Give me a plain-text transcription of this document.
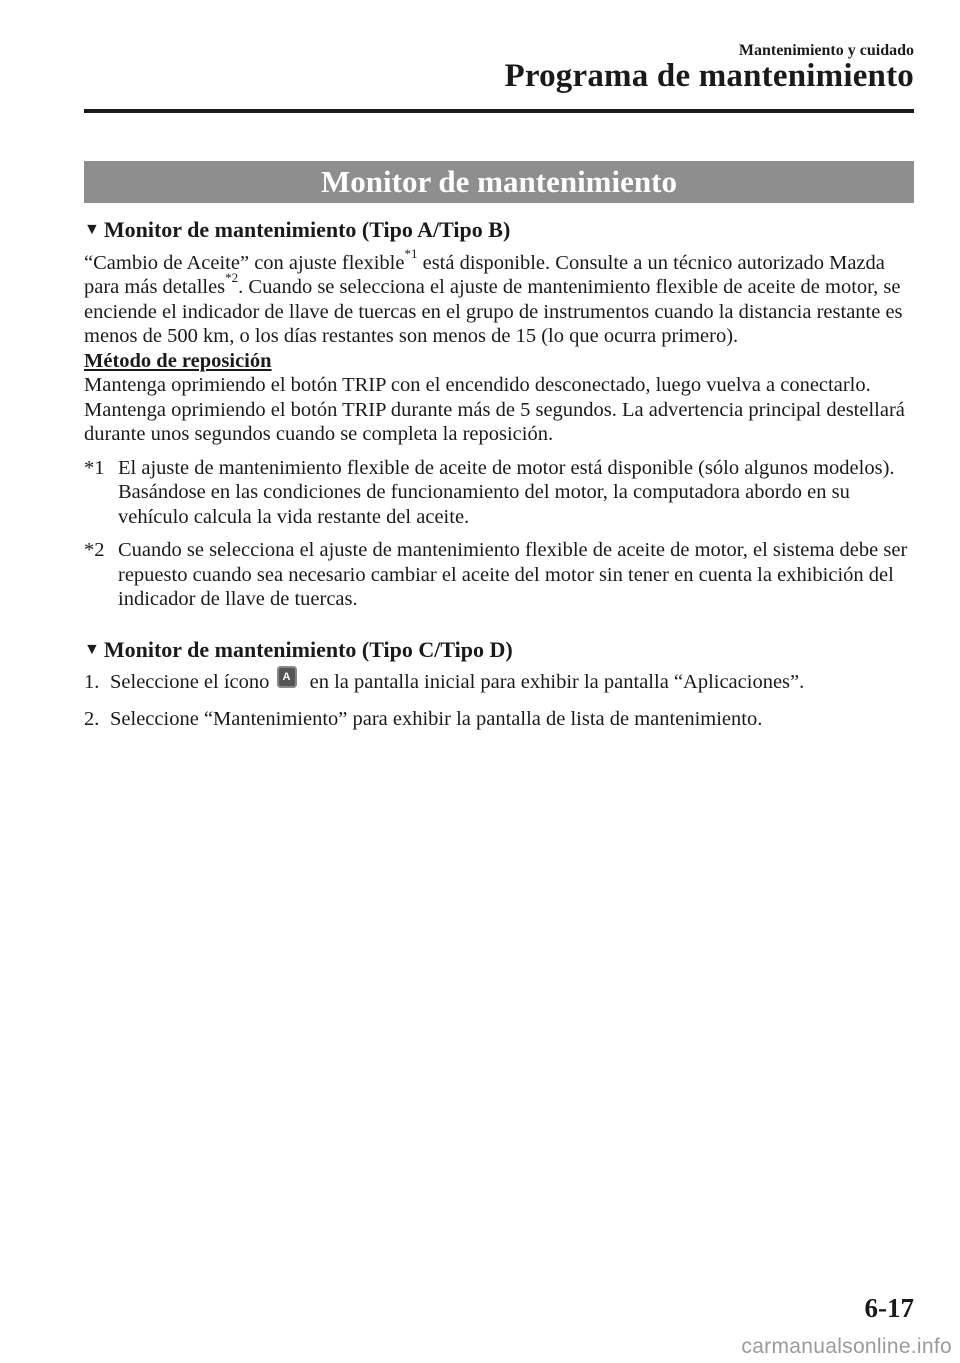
Mantenimiento y cuidado
Programa de mantenimiento
Monitor de mantenimiento
▼ Monitor de mantenimiento (Tipo A/Tipo B)

“Cambio de Aceite” con ajuste flexible$^{*1}$ está disponible. Consulte a un técnico autorizado Mazda para más detalles$^{*2}$. Cuando se selecciona el ajuste de mantenimiento flexible de aceite de motor, se enciende el indicador de llave de tuercas en el grupo de instrumentos cuando la distancia restante es menos de 500 km, o los días restantes son menos de 15 (lo que ocurra primero).

Método de reposición

Mantenga oprimiendo el botón TRIP con el encendido desconectado, luego vuelva a conectarlo. Mantenga oprimiendo el botón TRIP durante más de 5 segundos. La advertencia principal destellará durante unos segundos cuando se completa la reposición.

*1 El ajuste de mantenimiento flexible de aceite de motor está disponible (sólo algunos modelos). Basándose en las condiciones de funcionamiento del motor, la computadora abordo en su vehículo calcula la vida restante del aceite.
*2 Cuando se selecciona el ajuste de mantenimiento flexible de aceite de motor, el sistema debe ser repuesto cuando sea necesario cambiar el aceite del motor sin tener en cuenta la exhibición del indicador de llave de tuercas.
▼ Monitor de mantenimiento (Tipo C/Tipo D)
1. Seleccione el ícono A en la pantalla inicial para exhibir la pantalla “Aplicaciones”.
2. Seleccione “Mantenimiento” para exhibir la pantalla de lista de mantenimiento.
6-17
carmanualsonline.info
